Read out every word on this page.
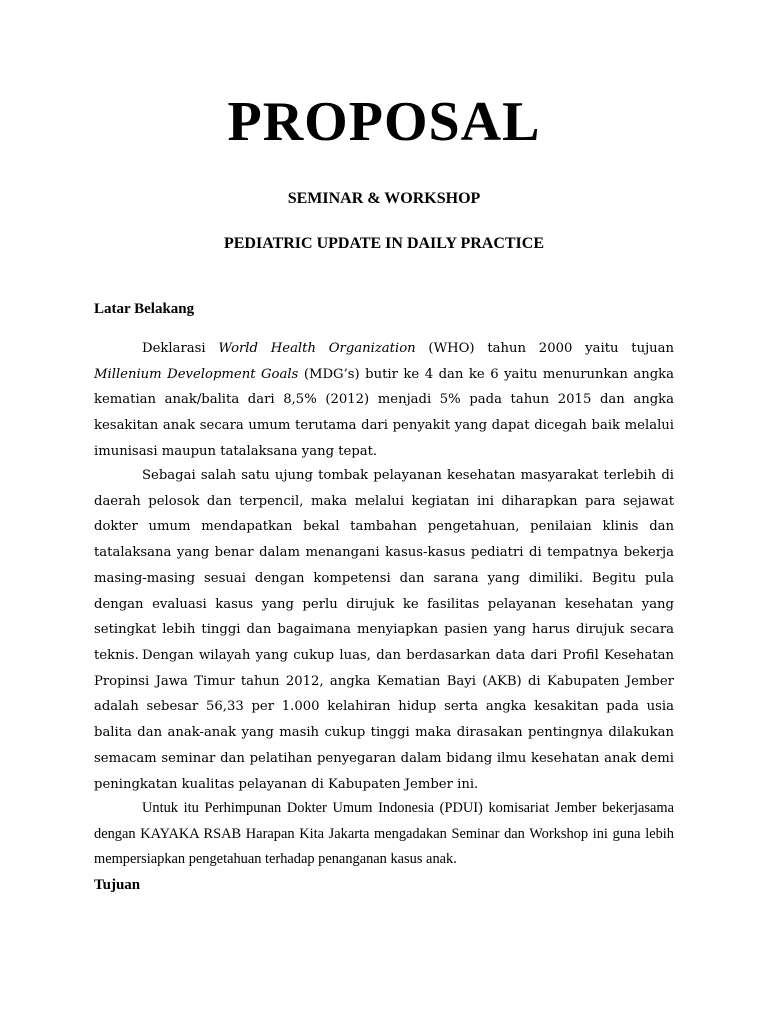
PROPOSAL
SEMINAR & WORKSHOP
PEDIATRIC UPDATE IN DAILY PRACTICE
Latar Belakang

Deklarasi World Health Organization (WHO) tahun 2000 yaitu tujuan Millenium Development Goals (MDG’s) butir ke 4 dan ke 6 yaitu menurunkan angka kematian anak/balita dari 8,5% (2012) menjadi 5% pada tahun 2015 dan angka kesakitan anak secara umum terutama dari penyakit yang dapat dicegah baik melalui imunisasi maupun tatalaksana yang tepat.

Sebagai salah satu ujung tombak pelayanan kesehatan masyarakat terlebih di daerah pelosok dan terpencil, maka melalui kegiatan ini diharapkan para sejawat dokter umum mendapatkan bekal tambahan pengetahuan, penilaian klinis dan tatalaksana yang benar dalam menangani kasus-kasus pediatri di tempatnya bekerja masing-masing sesuai dengan kompetensi dan sarana yang dimiliki. Begitu pula dengan evaluasi kasus yang perlu dirujuk ke fasilitas pelayanan kesehatan yang setingkat lebih tinggi dan bagaimana menyiapkan pasien yang harus dirujuk secara teknis. Dengan wilayah yang cukup luas, dan berdasarkan data dari Profil Kesehatan Propinsi Jawa Timur tahun 2012, angka Kematian Bayi (AKB) di Kabupaten Jember adalah sebesar 56,33 per 1.000 kelahiran hidup serta angka kesakitan pada usia balita dan anak-anak yang masih cukup tinggi maka dirasakan pentingnya dilakukan semacam seminar dan pelatihan penyegaran dalam bidang ilmu kesehatan anak demi peningkatan kualitas pelayanan di Kabupaten Jember ini.

Untuk itu Perhimpunan Dokter Umum Indonesia (PDUI) komisariat Jember bekerjasama dengan KAYAKA RSAB Harapan Kita Jakarta mengadakan Seminar dan Workshop ini guna lebih mempersiapkan pengetahuan terhadap penanganan kasus anak.

Tujuan
